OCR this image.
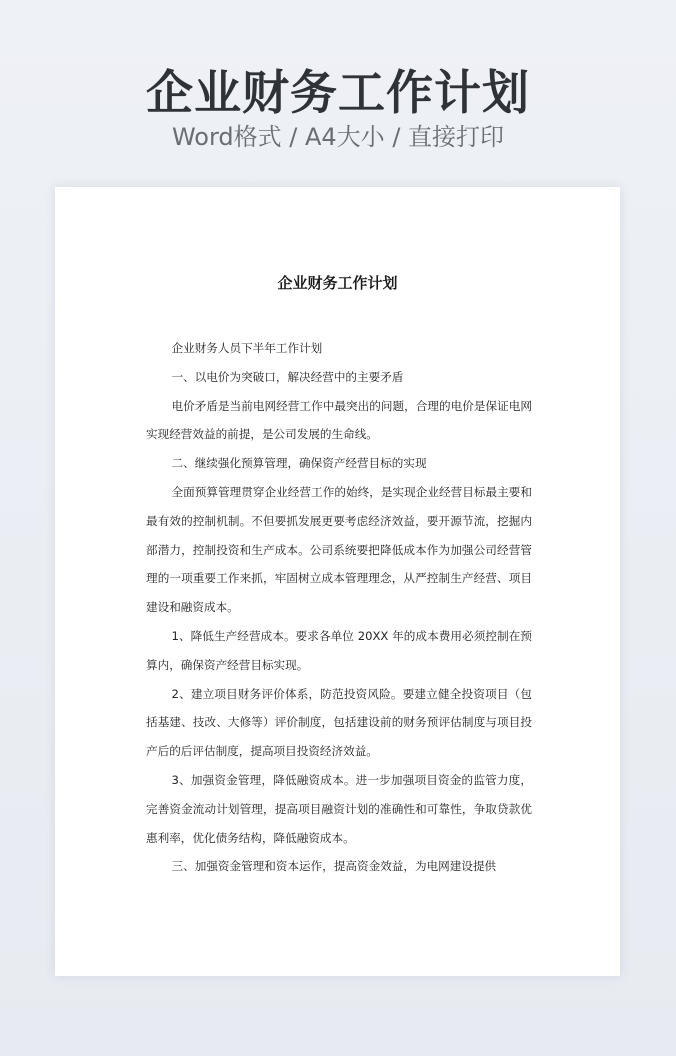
企业财务工作计划
Word格式 / A4大小 / 直接打印
企业财务工作计划

企业财务人员下半年工作计划

一、以电价为突破口，解决经营中的主要矛盾

电价矛盾是当前电网经营工作中最突出的问题，合理的电价是保证电网实现经营效益的前提，是公司发展的生命线。

二、继续强化预算管理，确保资产经营目标的实现

全面预算管理贯穿企业经营工作的始终，是实现企业经营目标最主要和最有效的控制机制。不但要抓发展更要考虑经济效益，要开源节流，挖掘内部潜力，控制投资和生产成本。公司系统要把降低成本作为加强公司经营管理的一项重要工作来抓，牢固树立成本管理理念，从严控制生产经营、项目建设和融资成本。

1、降低生产经营成本。要求各单位 20XX 年的成本费用必须控制在预算内，确保资产经营目标实现。

2、建立项目财务评价体系，防范投资风险。要建立健全投资项目（包括基建、技改、大修等）评价制度，包括建设前的财务预评估制度与项目投产后的后评估制度，提高项目投资经济效益。

3、加强资金管理，降低融资成本。进一步加强项目资金的监管力度，完善资金流动计划管理，提高项目融资计划的准确性和可靠性，争取贷款优惠利率，优化债务结构，降低融资成本。

三、加强资金管理和资本运作，提高资金效益，为电网建设提供
